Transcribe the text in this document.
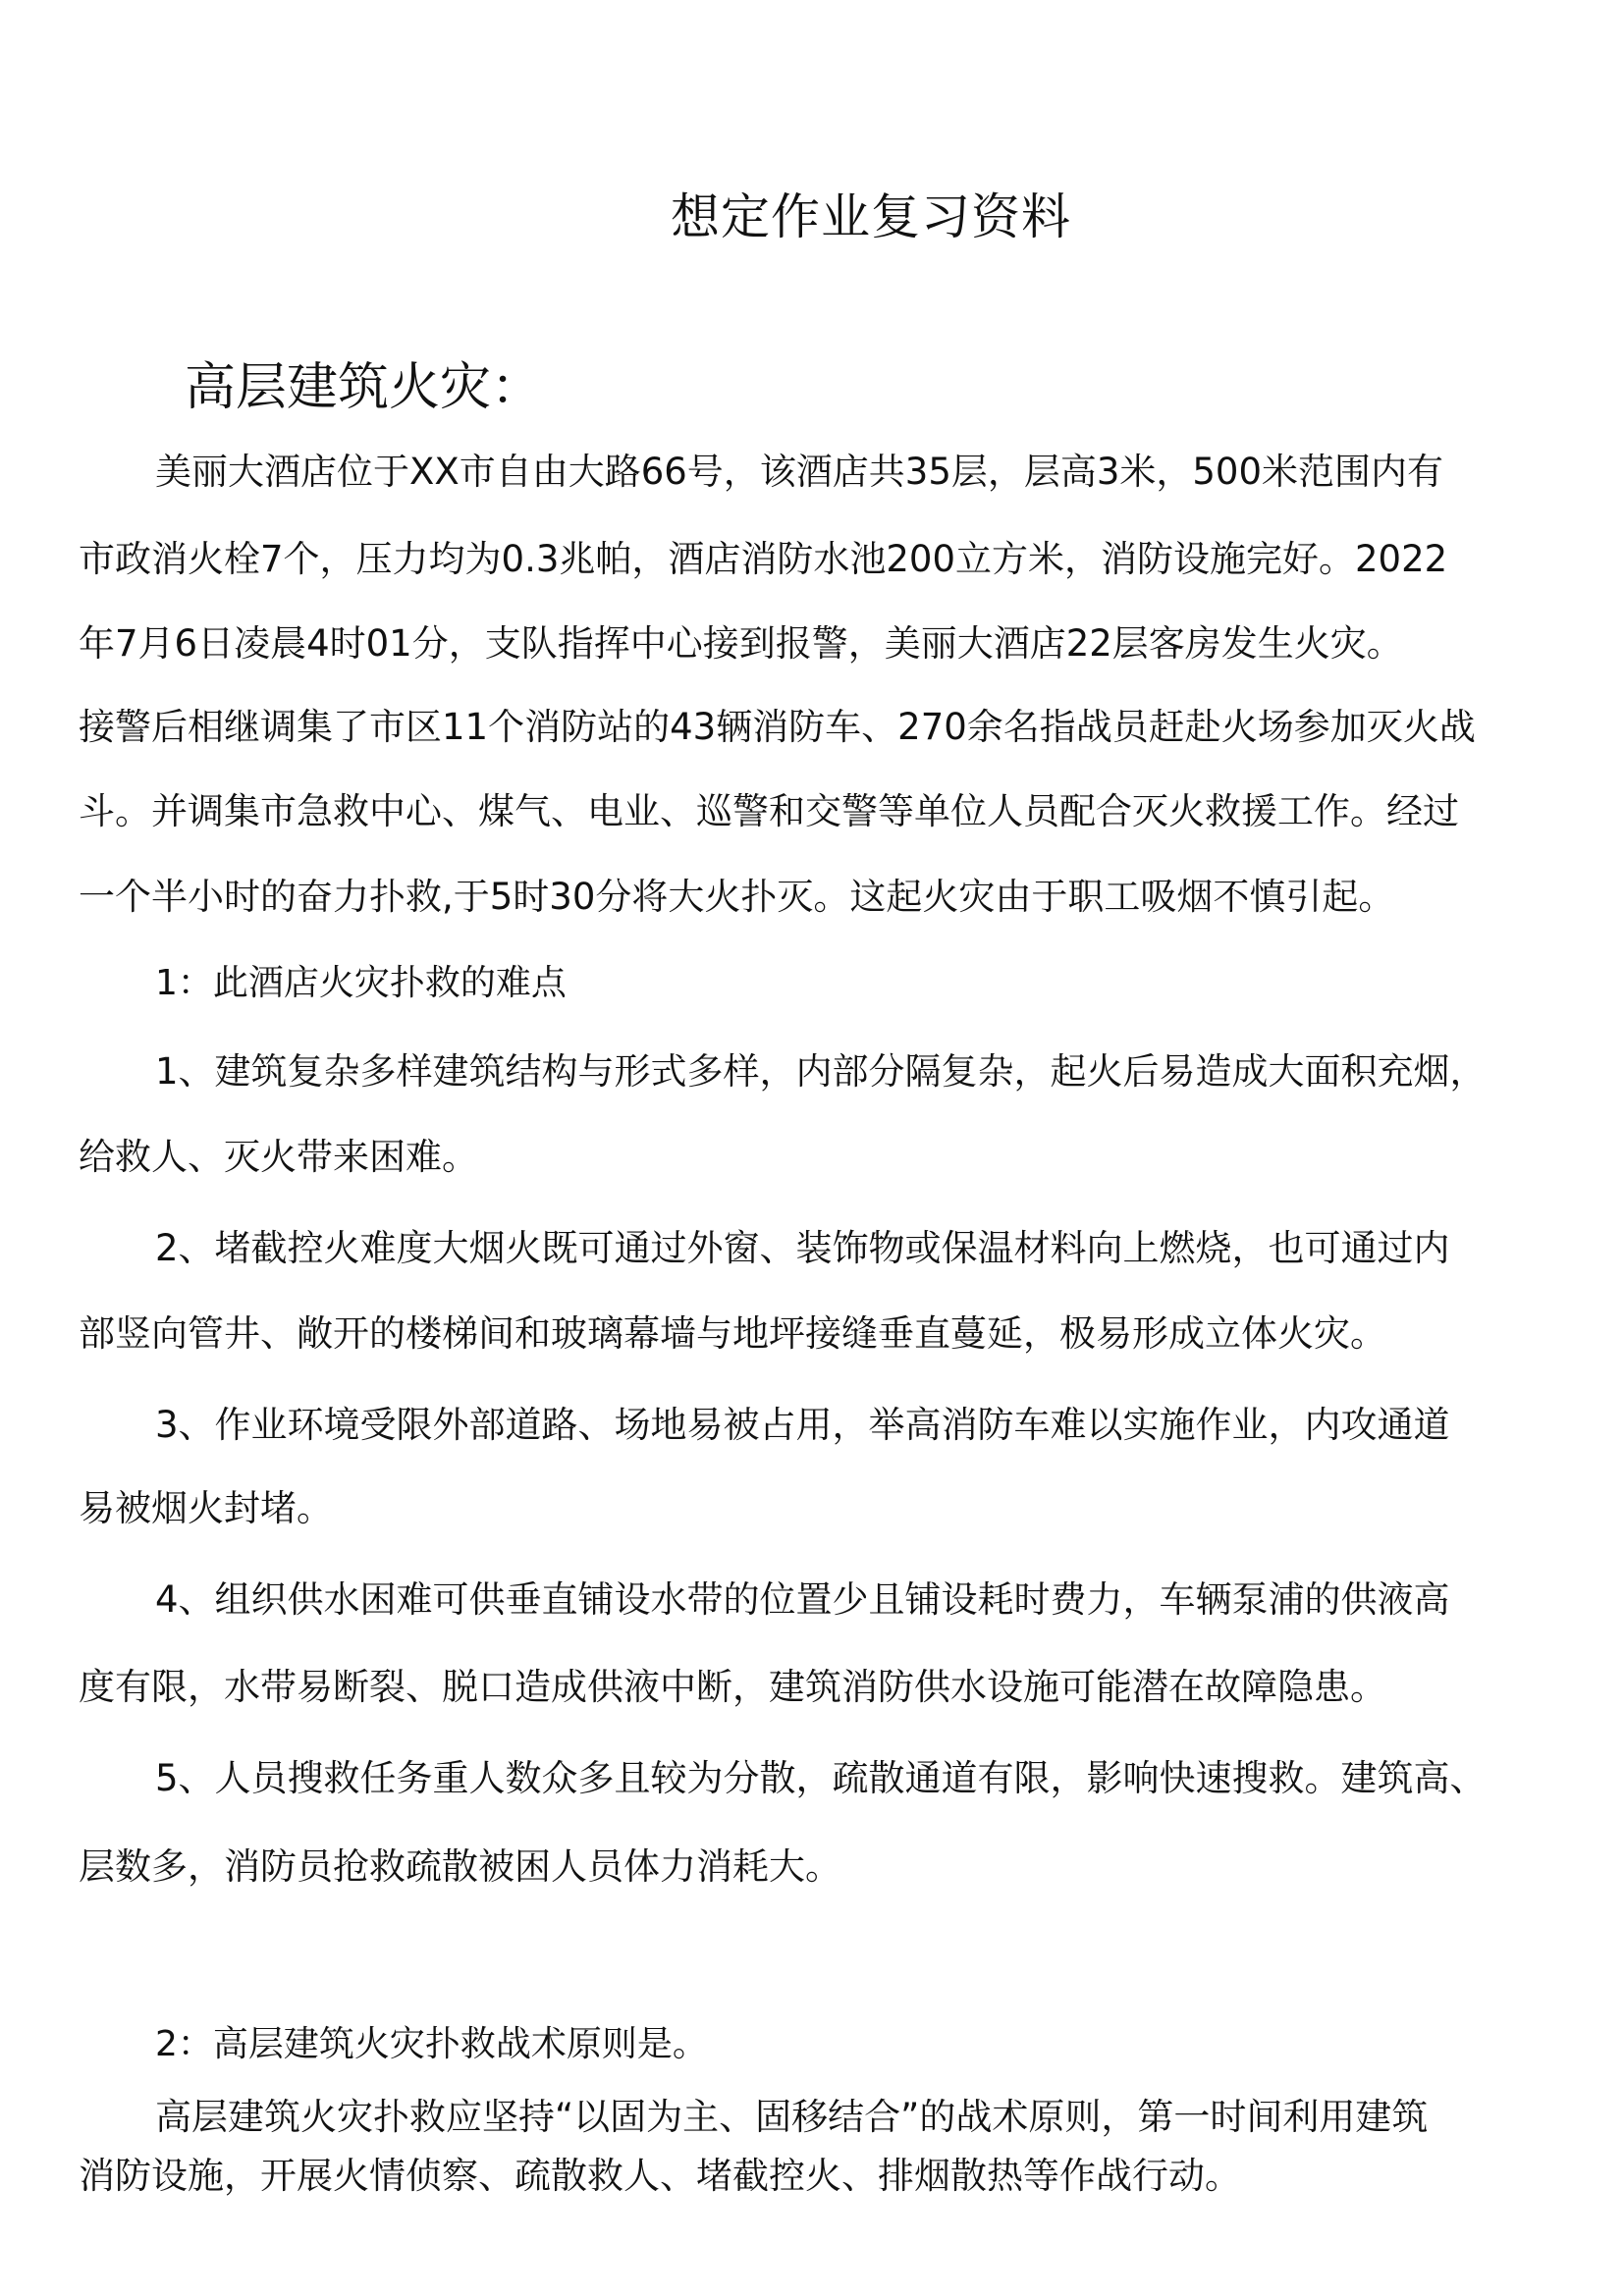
想定作业复习资料
高层建筑火灾：
美丽大酒店位于XX市自由大路66号，该酒店共35层，层高3米，500米范围内有
市政消火栓7个，压力均为0.3兆帕，酒店消防水池200立方米，消防设施完好。2022
年7月6日凌晨4时01分，支队指挥中心接到报警，美丽大酒店22层客房发生火灾。
接警后相继调集了市区11个消防站的43辆消防车、270余名指战员赶赴火场参加灭火战
斗。并调集市急救中心、煤气、电业、巡警和交警等单位人员配合灭火救援工作。经过
一个半小时的奋力扑救,于5时30分将大火扑灭。这起火灾由于职工吸烟不慎引起。
1：此酒店火灾扑救的难点
1、建筑复杂多样建筑结构与形式多样，内部分隔复杂，起火后易造成大面积充烟，
给救人、灭火带来困难。
2、堵截控火难度大烟火既可通过外窗、装饰物或保温材料向上燃烧，也可通过内
部竖向管井、敞开的楼梯间和玻璃幕墙与地坪接缝垂直蔓延，极易形成立体火灾。
3、作业环境受限外部道路、场地易被占用，举高消防车难以实施作业，内攻通道
易被烟火封堵。
4、组织供水困难可供垂直铺设水带的位置少且铺设耗时费力，车辆泵浦的供液高
度有限，水带易断裂、脱口造成供液中断，建筑消防供水设施可能潜在故障隐患。
5、人员搜救任务重人数众多且较为分散，疏散通道有限，影响快速搜救。建筑高、
层数多，消防员抢救疏散被困人员体力消耗大。
2：高层建筑火灾扑救战术原则是。
高层建筑火灾扑救应坚持“以固为主、固移结合”的战术原则，第一时间利用建筑
消防设施，开展火情侦察、疏散救人、堵截控火、排烟散热等作战行动。
